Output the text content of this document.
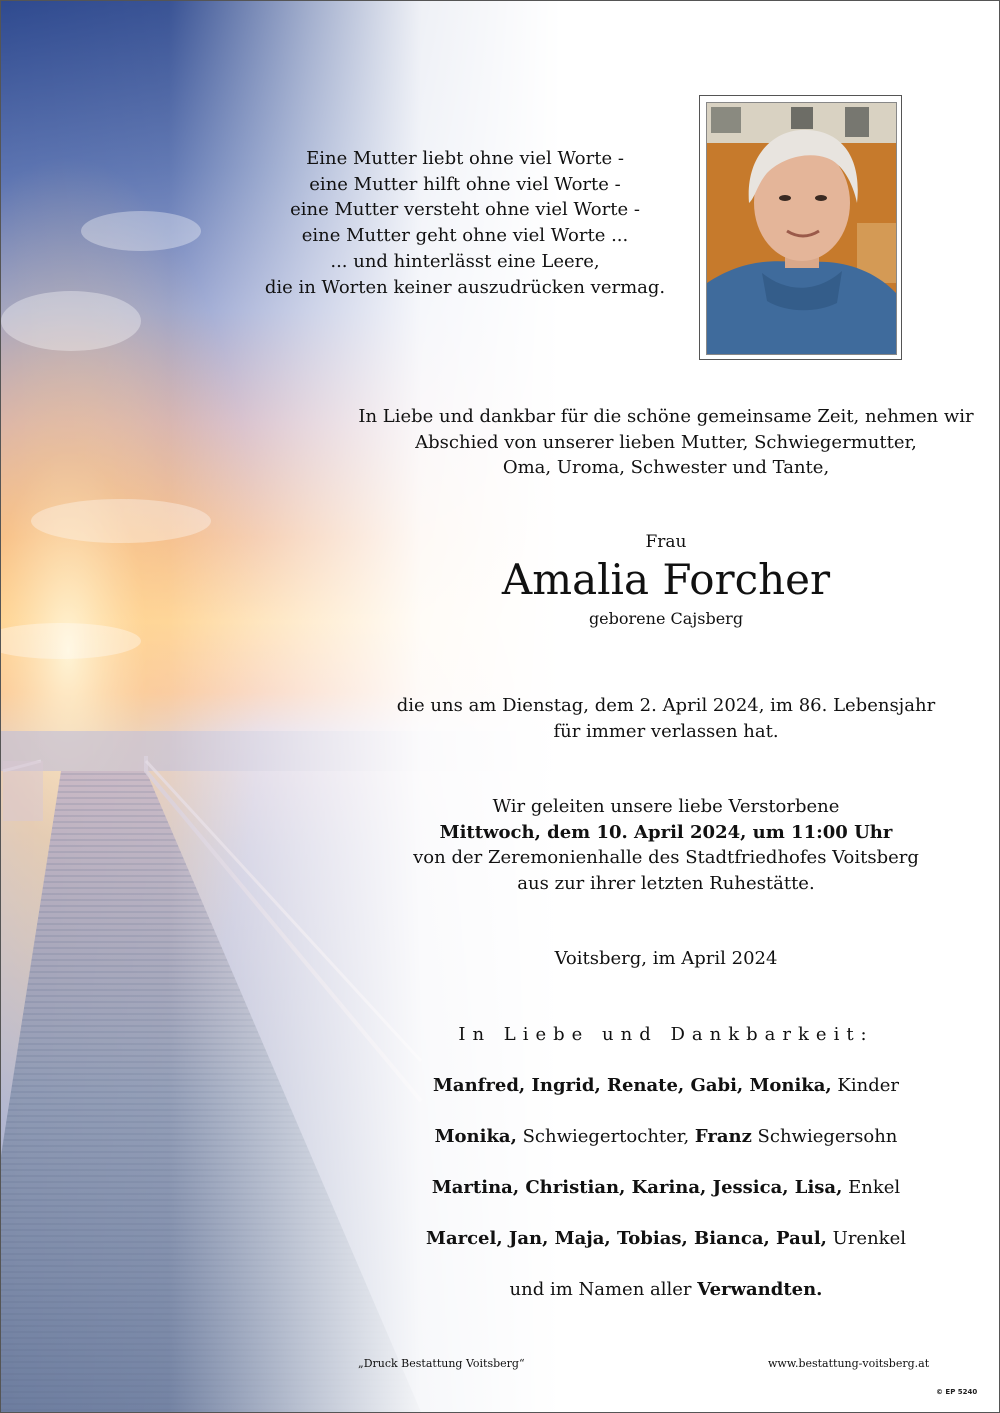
Eine Mutter liebt ohne viel Worte -
eine Mutter hilft ohne viel Worte -
eine Mutter versteht ohne viel Worte -
eine Mutter geht ohne viel Worte ...
... und hinterlässt eine Leere,
die in Worten keiner auszudrücken vermag.
In Liebe und dankbar für die schöne gemeinsame Zeit, nehmen wir
Abschied von unserer lieben Mutter, Schwiegermutter,
Oma, Uroma, Schwester und Tante,
Frau
Amalia Forcher
geborene Cajsberg
die uns am Dienstag, dem 2. April 2024, im 86. Lebensjahr
für immer verlassen hat.
Wir geleiten unsere liebe Verstorbene
Mittwoch, dem 10. April 2024, um 11:00 Uhr
von der Zeremonienhalle des Stadtfriedhofes Voitsberg
aus zur ihrer letzten Ruhestätte.
Voitsberg, im April 2024
In Liebe und Dankbarkeit:
Manfred, Ingrid, Renate, Gabi, Monika, Kinder
Monika, Schwiegertochter, Franz Schwiegersohn
Martina, Christian, Karina, Jessica, Lisa, Enkel
Marcel, Jan, Maja, Tobias, Bianca, Paul, Urenkel
und im Namen aller Verwandten.
„Druck Bestattung Voitsberg“	www.bestattung-voitsberg.at
© EP 5240
